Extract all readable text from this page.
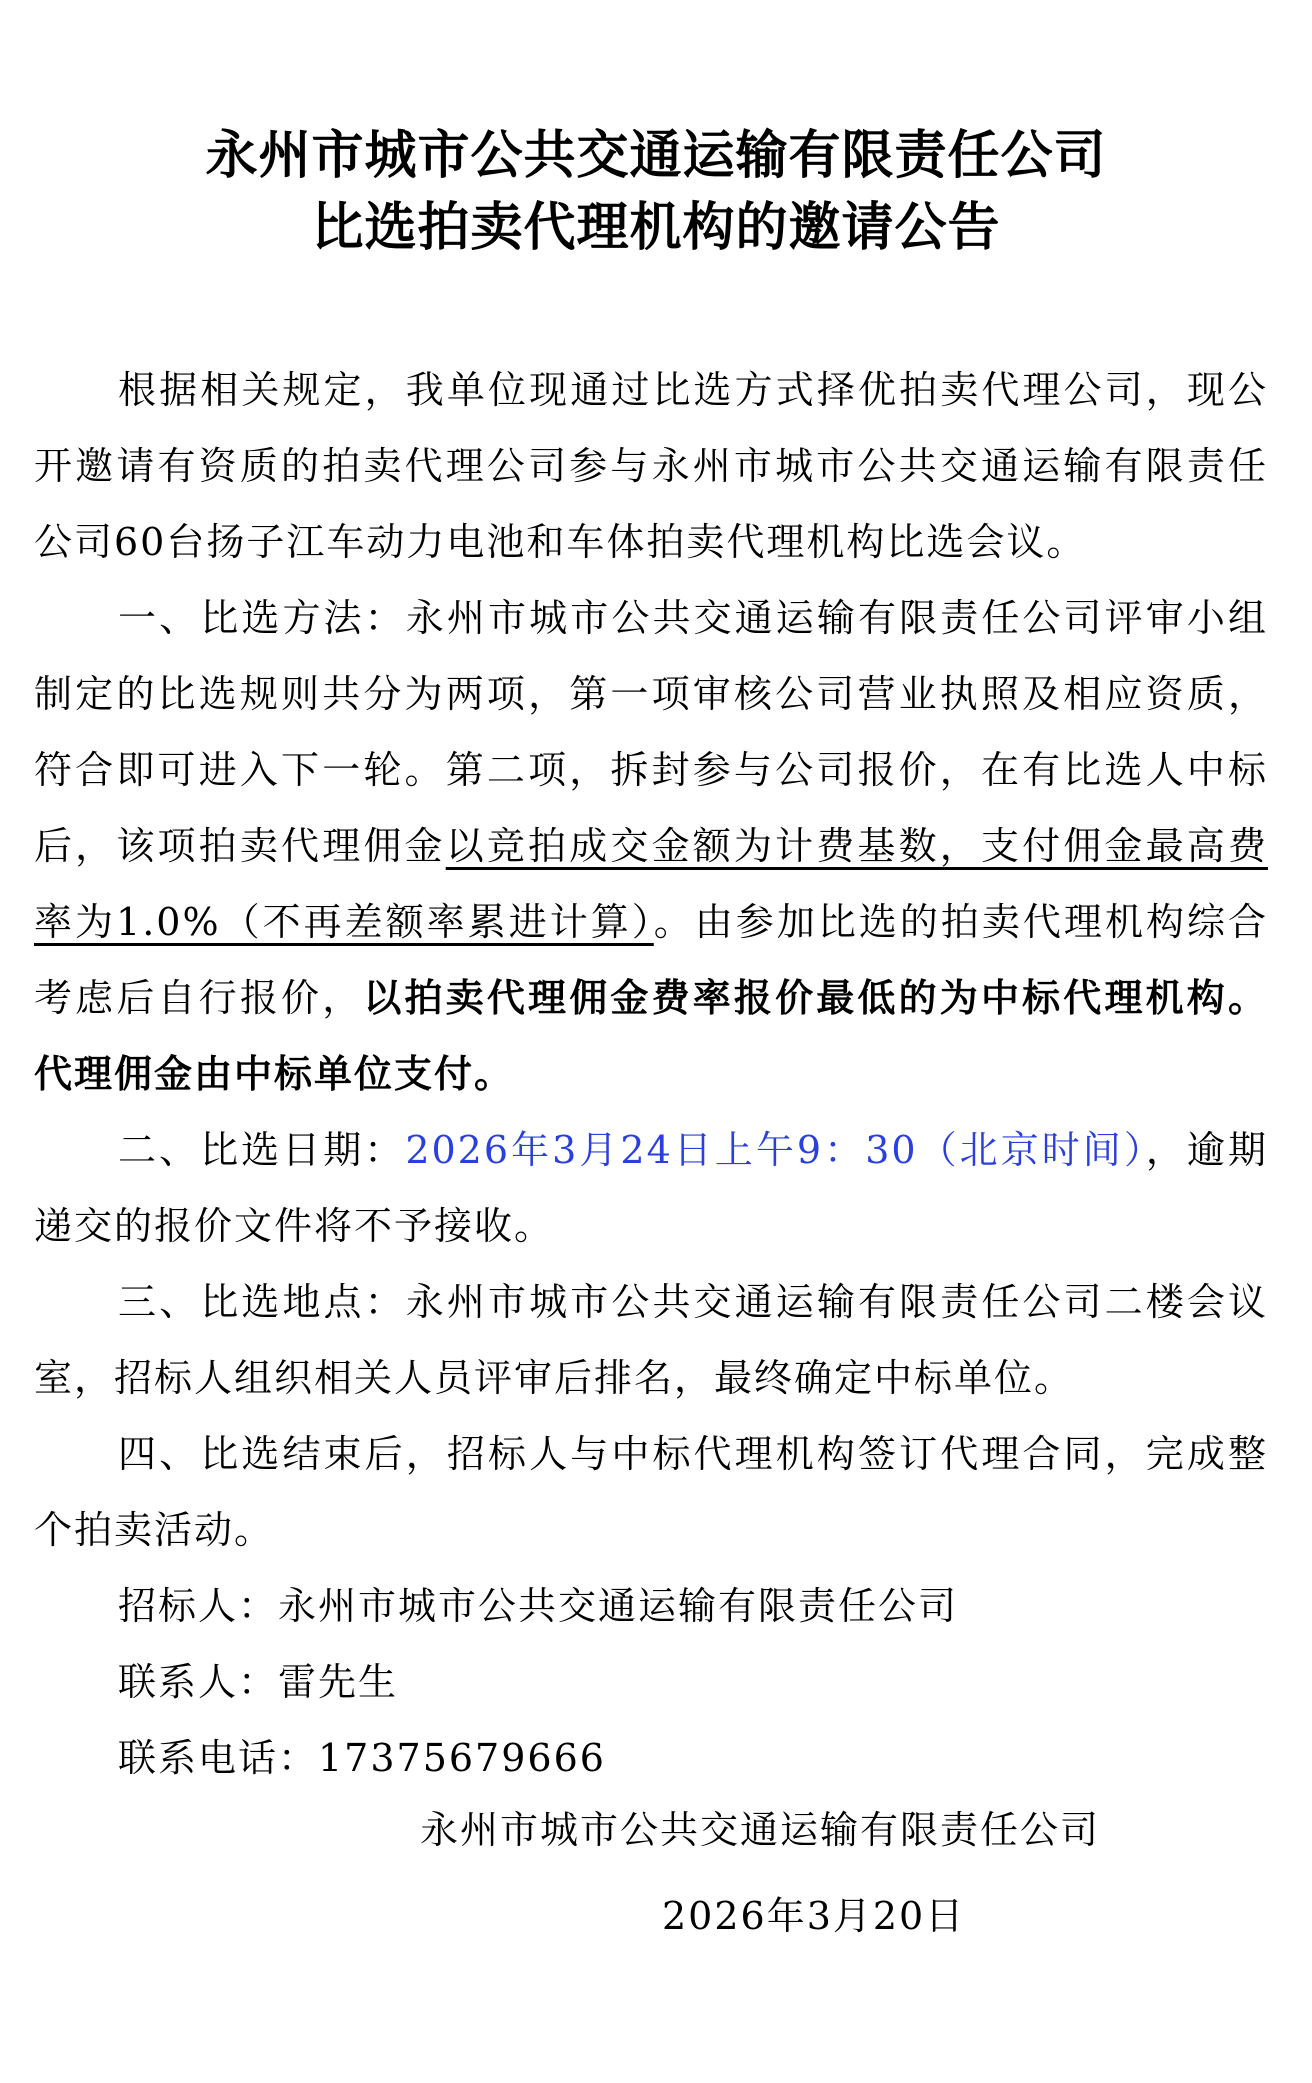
永州市城市公共交通运输有限责任公司
比选拍卖代理机构的邀请公告

根据相关规定，我单位现通过比选方式择优拍卖代理公司，现公开邀请有资质的拍卖代理公司参与永州市城市公共交通运输有限责任公司60台扬子江车动力电池和车体拍卖代理机构比选会议。

一、比选方法：永州市城市公共交通运输有限责任公司评审小组制定的比选规则共分为两项，第一项审核公司营业执照及相应资质，符合即可进入下一轮。第二项，拆封参与公司报价，在有比选人中标后，该项拍卖代理佣金以竞拍成交金额为计费基数，支付佣金最高费率为1.0%（不再差额率累进计算）。由参加比选的拍卖代理机构综合考虑后自行报价，以拍卖代理佣金费率报价最低的为中标代理机构。代理佣金由中标单位支付。

二、比选日期：2026年3月24日上午9：30（北京时间），逾期递交的报价文件将不予接收。

三、比选地点：永州市城市公共交通运输有限责任公司二楼会议室，招标人组织相关人员评审后排名，最终确定中标单位。

四、比选结束后，招标人与中标代理机构签订代理合同，完成整个拍卖活动。

招标人：永州市城市公共交通运输有限责任公司

联系人：雷先生

联系电话：17375679666

永州市城市公共交通运输有限责任公司
2026年3月20日
